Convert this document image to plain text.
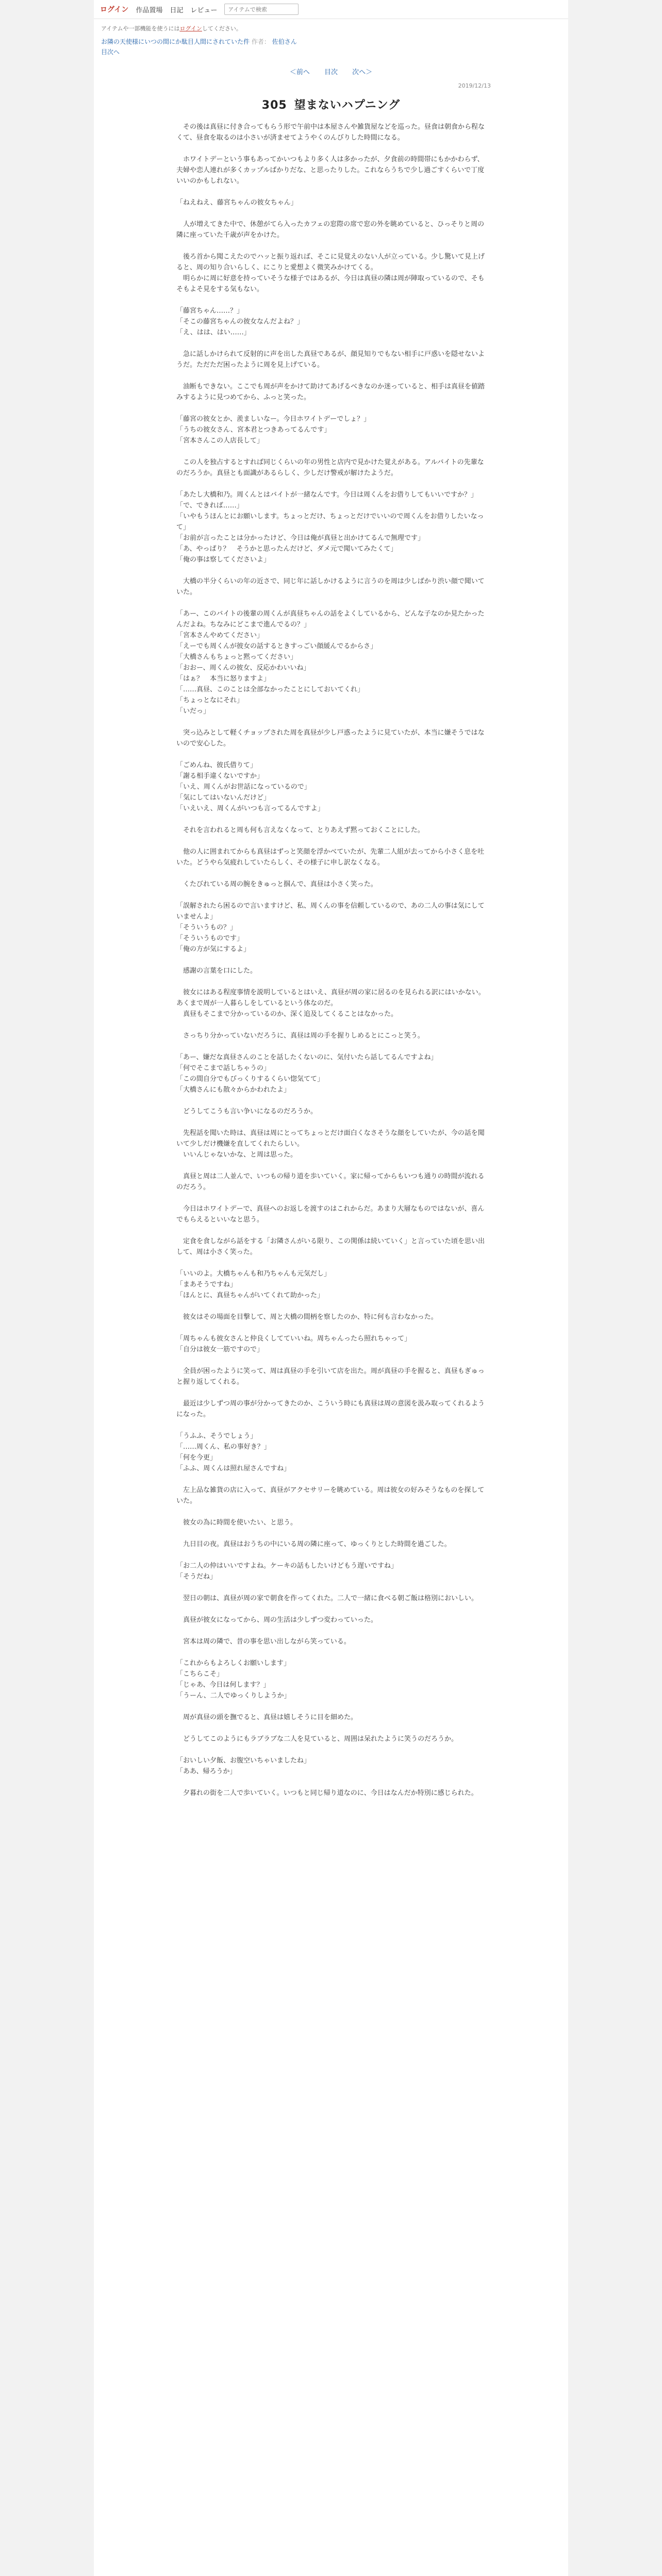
ログイン 作品置場 日記 レビュー
アイテムで検索
アイテムや一部機能を使うにはログインしてください。
お隣の天使様にいつの間にか駄目人間にされていた件 作者： 佐伯さん
目次へ
＜前へ 目次 次へ＞
2019/12/13
305 望まないハプニング

　その後は真昼に付き合ってもらう形で午前中は本屋さんや雑貨屋などを巡った。昼食は朝食から程なくて、昼食を取るのは小さいが済ませてようやくのんびりした時間になる。

　ホワイトデーという事もあってかいつもより多く人は多かったが、夕食前の時間帯にもかかわらず、夫婦や恋人連れが多くカップルばかりだな、と思ったりした。これならうちで少し過ごすくらいで丁度いいのかもしれない。

「ねえねえ、藤宮ちゃんの彼女ちゃん」

　人が増えてきた中で、休憩がてら入ったカフェの窓際の席で窓の外を眺めていると、ひっそりと周の隣に座っていた千歳が声をかけた。

　後ろ首から聞こえたのでハッと振り返れば、そこに見覚えのない人が立っている。少し驚いて見上げると、周の知り合いらしく、にこりと愛想よく微笑みかけてくる。
　明らかに周に好意を持っていそうな様子ではあるが、今日は真昼の隣は周が陣取っているので、そもそもよそ見をする気もない。

「藤宮ちゃん……？」
「そこの藤宮ちゃんの彼女なんだよね？」
「え、はは、はい……」

　急に話しかけられて反射的に声を出した真昼であるが、顔見知りでもない相手に戸惑いを隠せないようだ。ただただ困ったように周を見上げている。

　油断もできない。ここでも周が声をかけて助けてあげるべきなのか迷っていると、相手は真昼を値踏みするように見つめてから、ふっと笑った。

「藤宮の彼女とか、羨ましいなー。今日ホワイトデーでしょ？」
「うちの彼女さん、宮本君とつきあってるんです」
「宮本さんこの人店長して」

　この人を独占するとすれば同じくらいの年の男性と店内で見かけた覚えがある。アルバイトの先輩なのだろうか。真昼とも面識があるらしく、少しだけ警戒が解けたようだ。

「あたし大橋和乃。周くんとはバイトが一緒なんです。今日は周くんをお借りしてもいいですか？」
「で、できれば……」
「いやもうほんとにお願いします。ちょっとだけ、ちょっとだけでいいので周くんをお借りしたいなって」
「お前が言ったことは分かったけど、今日は俺が真昼と出かけてるんで無理です」
「あ、やっぱり？　そうかと思ったんだけど、ダメ元で聞いてみたくて」
「俺の事は察してくださいよ」

　大橋の半分くらいの年の近さで、同じ年に話しかけるように言うのを周は少しばかり渋い顔で聞いていた。

「あー、このバイトの後輩の周くんが真昼ちゃんの話をよくしているから、どんな子なのか見たかったんだよね。ちなみにどこまで進んでるの？」
「宮本さんやめてください」
「えーでも周くんが彼女の話するときすっごい顔緩んでるからさ」
「大橋さんもちょっと黙ってください」
「おおー、周くんの彼女、反応かわいいね」
「はぁ？　本当に怒りますよ」
「……真昼、このことは全部なかったことにしておいてくれ」
「ちょっとなにそれ」
「いだっ」

　突っ込みとして軽くチョップされた周を真昼が少し戸惑ったように見ていたが、本当に嫌そうではないので安心した。

「ごめんね、彼氏借りて」
「謝る相手違くないですか」
「いえ、周くんがお世話になっているので」
「気にしてはいないんだけど」
「いえいえ、周くんがいつも言ってるんですよ」

　それを言われると周も何も言えなくなって、とりあえず黙っておくことにした。

　他の人に囲まれてからも真昼はずっと笑顔を浮かべていたが、先輩二人組が去ってから小さく息を吐いた。どうやら気疲れしていたらしく、その様子に申し訳なくなる。

　くたびれている周の腕をきゅっと掴んで、真昼は小さく笑った。

「誤解されたら困るので言いますけど、私、周くんの事を信頼しているので、あの二人の事は気にしていませんよ」
「そういうもの？」
「そういうものです」
「俺の方が気にするよ」

　感謝の言葉を口にした。

　彼女にはある程度事情を説明しているとはいえ、真昼が周の家に居るのを見られる訳にはいかない。あくまで周が一人暮らしをしているという体なのだ。
　真昼もそこまで分かっているのか、深く追及してくることはなかった。

　さっちり分かっていないだろうに、真昼は周の手を握りしめるとにこっと笑う。

「あー、嫌だな真昼さんのことを話したくないのに、気付いたら話してるんですよね」
「何でそこまで話しちゃうの」
「この間自分でもびっくりするくらい惚気てて」
「大橋さんにも散々からかわれたよ」

　どうしてこうも言い争いになるのだろうか。

　先程話を聞いた時は、真昼は周にとってちょっとだけ面白くなさそうな顔をしていたが、今の話を聞いて少しだけ機嫌を直してくれたらしい。
　いいんじゃないかな、と周は思った。

　真昼と周は二人並んで、いつもの帰り道を歩いていく。家に帰ってからもいつも通りの時間が流れるのだろう。

　今日はホワイトデーで、真昼へのお返しを渡すのはこれからだ。あまり大層なものではないが、喜んでもらえるといいなと思う。

　定食を食しながら話をする「お隣さんがいる限り、この関係は続いていく」と言っていた頃を思い出して、周は小さく笑った。

「いいのよ。大橋ちゃんも和乃ちゃんも元気だし」
「まあそうですね」
「ほんとに、真昼ちゃんがいてくれて助かった」

　彼女はその場面を目撃して、周と大橋の間柄を察したのか、特に何も言わなかった。

「周ちゃんも彼女さんと仲良くしてていいね。周ちゃんったら照れちゃって」
「自分は彼女一筋ですので」

　全員が困ったように笑って、周は真昼の手を引いて店を出た。周が真昼の手を握ると、真昼もぎゅっと握り返してくれる。

　最近は少しずつ周の事が分かってきたのか、こういう時にも真昼は周の意図を汲み取ってくれるようになった。

「うふふ、そうでしょう」
「……周くん、私の事好き？」
「何を今更」
「ふふ、周くんは照れ屋さんですね」

　左上品な雑貨の店に入って、真昼がアクセサリーを眺めている。周は彼女の好みそうなものを探していた。

　彼女の為に時間を使いたい、と思う。

　九日目の夜。真昼はおうちの中にいる周の隣に座って、ゆっくりとした時間を過ごした。

「お二人の仲はいいですよね。ケーキの話もしたいけどもう遅いですね」
「そうだね」

　翌日の朝は、真昼が周の家で朝食を作ってくれた。二人で一緒に食べる朝ご飯は格別においしい。

　真昼が彼女になってから、周の生活は少しずつ変わっていった。

　宮本は周の隣で、昔の事を思い出しながら笑っている。

「これからもよろしくお願いします」
「こちらこそ」
「じゃあ、今日は何します？」
「うーん、二人でゆっくりしようか」

　周が真昼の頭を撫でると、真昼は嬉しそうに目を細めた。

　どうしてこのようにもラブラブな二人を見ていると、周囲は呆れたように笑うのだろうか。

「おいしい夕飯、お腹空いちゃいましたね」
「ああ、帰ろうか」

　夕暮れの街を二人で歩いていく。いつもと同じ帰り道なのに、今日はなんだか特別に感じられた。
